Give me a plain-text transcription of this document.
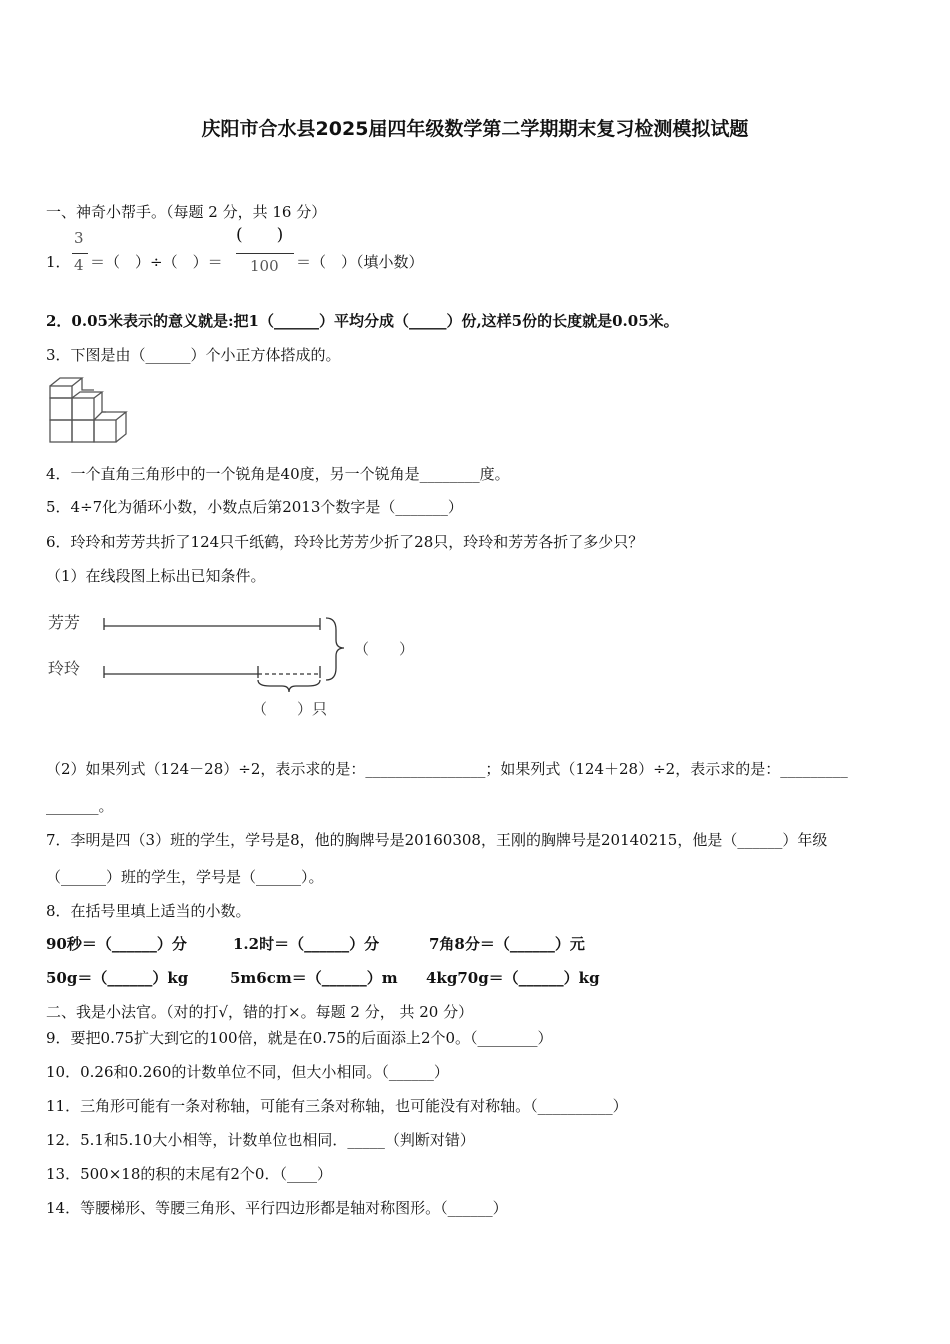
庆阳市合水县2025届四年级数学第二学期期末复习检测模拟试题
一、神奇小帮手。（每题 2 分，共 16 分）
1．
3
4 ＝（　）÷（　）＝
(　　)
100 ＝（　）（填小数）
2．0.05米表示的意义就是:把1（______）平均分成（_____）份,这样5份的长度就是0.05米。
3．下图是由（______）个小正方体搭成的。
4．一个直角三角形中的一个锐角是40度，另一个锐角是________度。
5．4÷7化为循环小数，小数点后第2013个数字是（_______）
6．玲玲和芳芳共折了124只千纸鹤，玲玲比芳芳少折了28只，玲玲和芳芳各折了多少只？
（1）在线段图上标出已知条件。
芳芳
玲玲
（　　）
（　　）只
（2）如果列式（124－28）÷2，表示求的是：________________；如果列式（124＋28）÷2，表示求的是：_________
_______。
7．李明是四（3）班的学生，学号是8，他的胸牌号是20160308，王刚的胸牌号是20140215，他是（______）年级
（______）班的学生，学号是（______）。
8．在括号里填上适当的小数。
90秒＝（______）分	1.2时＝（______）分	7角8分＝（______）元
50g＝（______）kg	5m6cm＝（______）m 4kg70g＝（______）kg
二、我是小法官。（对的打√，错的打×。每题 2 分， 共 20 分）
9．要把0.75扩大到它的100倍，就是在0.75的后面添上2个0。（________）
10．0.26和0.260的计数单位不同，但大小相同。（______）
11．三角形可能有一条对称轴，可能有三条对称轴，也可能没有对称轴。（__________）
12．5.1和5.10大小相等，计数单位也相同．_____（判断对错）
13．500×18的积的末尾有2个0．（____）
14．等腰梯形、等腰三角形、平行四边形都是轴对称图形。（______）
